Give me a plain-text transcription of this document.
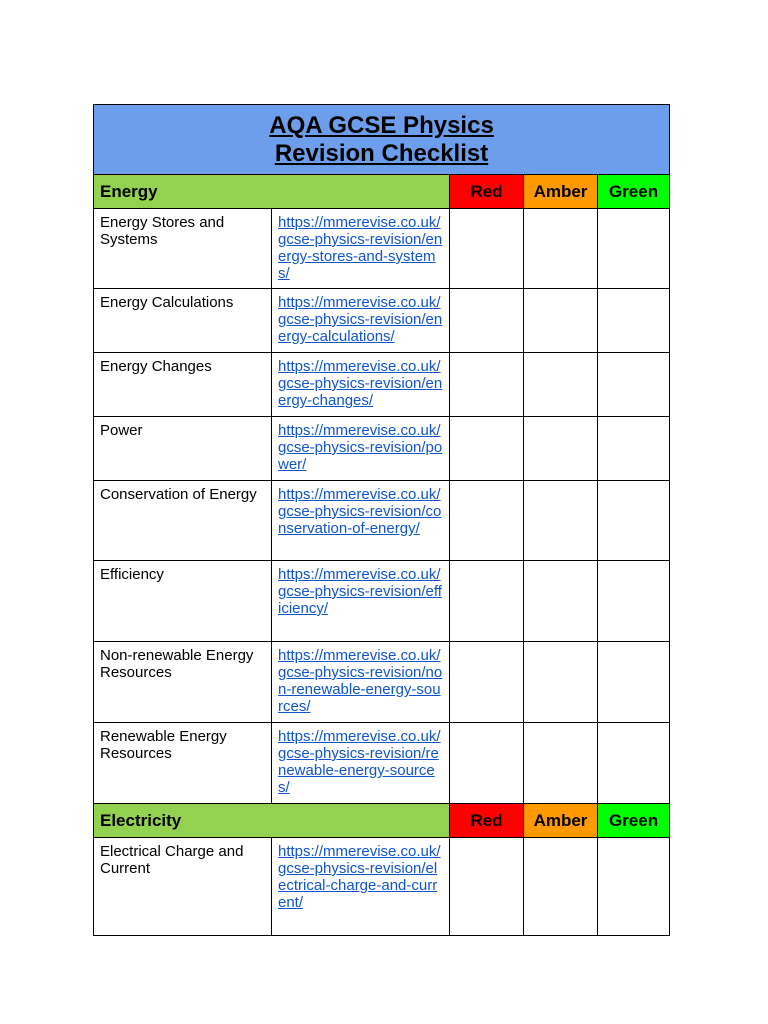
AQA GCSE Physics
Revision Checklist				

Energy		Red	Amber	Green
Energy Stores and Systems	https://mmerevise.co.uk/gcse-physics-revision/energy-stores-and-systems/			
Energy Calculations	https://mmerevise.co.uk/gcse-physics-revision/energy-calculations/			
Energy Changes	https://mmerevise.co.uk/gcse-physics-revision/energy-changes/			
Power	https://mmerevise.co.uk/gcse-physics-revision/power/			
Conservation of Energy	https://mmerevise.co.uk/gcse-physics-revision/conservation-of-energy/			
Efficiency	https://mmerevise.co.uk/gcse-physics-revision/efficiency/			
Non-renewable Energy Resources	https://mmerevise.co.uk/gcse-physics-revision/non-renewable-energy-sources/			
Renewable Energy Resources	https://mmerevise.co.uk/gcse-physics-revision/renewable-energy-sources/			
Electricity		Red	Amber	Green
Electrical Charge and Current	https://mmerevise.co.uk/gcse-physics-revision/electrical-charge-and-current/			
